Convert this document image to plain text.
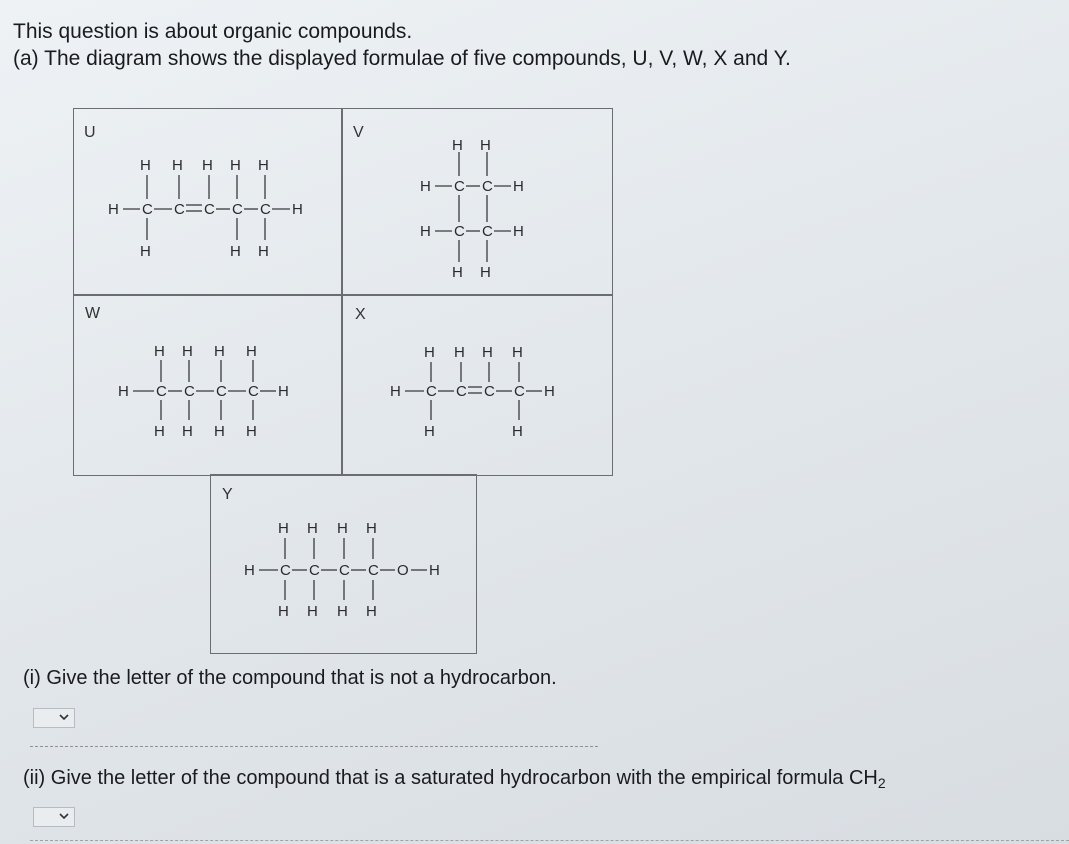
This question is about organic compounds.
(a) The diagram shows the displayed formulae of five compounds, U, V, W, X and Y.
U	V
W	X
Y
H H H H H
H C C C C C H
H	H H
H H
H C C H
H C C H
H H
H H H H
H C C C C H
H H H H
H H H H
H C C C C H
H	H
H H H H
H C C C C O H
H H H H
(i) Give the letter of the compound that is not a hydrocarbon.
(ii) Give the letter of the compound that is a saturated hydrocarbon with the empirical formula $CH_2$
